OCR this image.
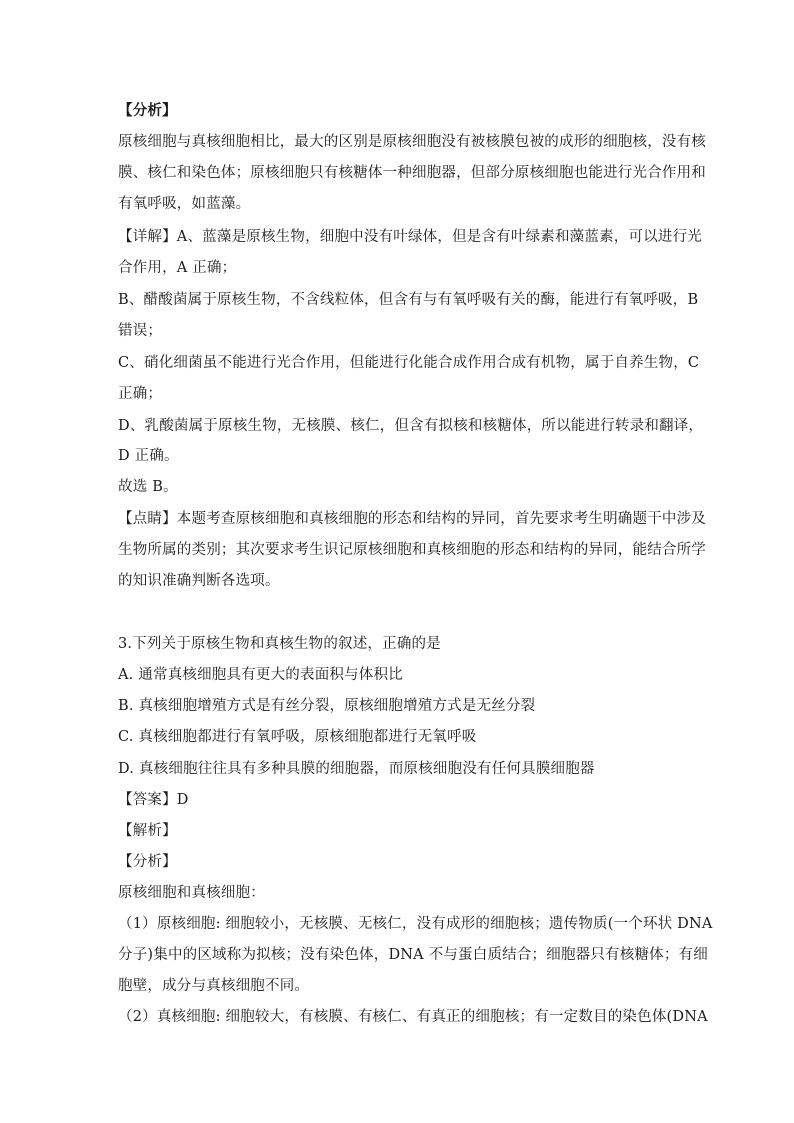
【分析】
原核细胞与真核细胞相比，最大的区别是原核细胞没有被核膜包被的成形的细胞核，没有核
膜、核仁和染色体；原核细胞只有核糖体一种细胞器，但部分原核细胞也能进行光合作用和
有氧呼吸，如蓝藻。
【详解】A、蓝藻是原核生物，细胞中没有叶绿体，但是含有叶绿素和藻蓝素，可以进行光
合作用，A 正确；
B、醋酸菌属于原核生物，不含线粒体，但含有与有氧呼吸有关的酶，能进行有氧呼吸，B
错误；
C、硝化细菌虽不能进行光合作用，但能进行化能合成作用合成有机物，属于自养生物，C
正确；
D、乳酸菌属于原核生物，无核膜、核仁，但含有拟核和核糖体，所以能进行转录和翻译，
D 正确。
故选 B。
【点睛】本题考查原核细胞和真核细胞的形态和结构的异同，首先要求考生明确题干中涉及
生物所属的类别；其次要求考生识记原核细胞和真核细胞的形态和结构的异同，能结合所学
的知识准确判断各选项。
3.下列关于原核生物和真核生物的叙述，正确的是
A. 通常真核细胞具有更大的表面积与体积比
B. 真核细胞增殖方式是有丝分裂，原核细胞增殖方式是无丝分裂
C. 真核细胞都进行有氧呼吸，原核细胞都进行无氧呼吸
D. 真核细胞往往具有多种具膜的细胞器，而原核细胞没有任何具膜细胞器
【答案】D
【解析】
【分析】
原核细胞和真核细胞：
（1）原核细胞: 细胞较小，无核膜、无核仁，没有成形的细胞核；遗传物质(一个环状 DNA
分子)集中的区域称为拟核；没有染色体，DNA 不与蛋白质结合；细胞器只有核糖体；有细
胞壁，成分与真核细胞不同。
（2）真核细胞: 细胞较大，有核膜、有核仁、有真正的细胞核；有一定数目的染色体(DNA
